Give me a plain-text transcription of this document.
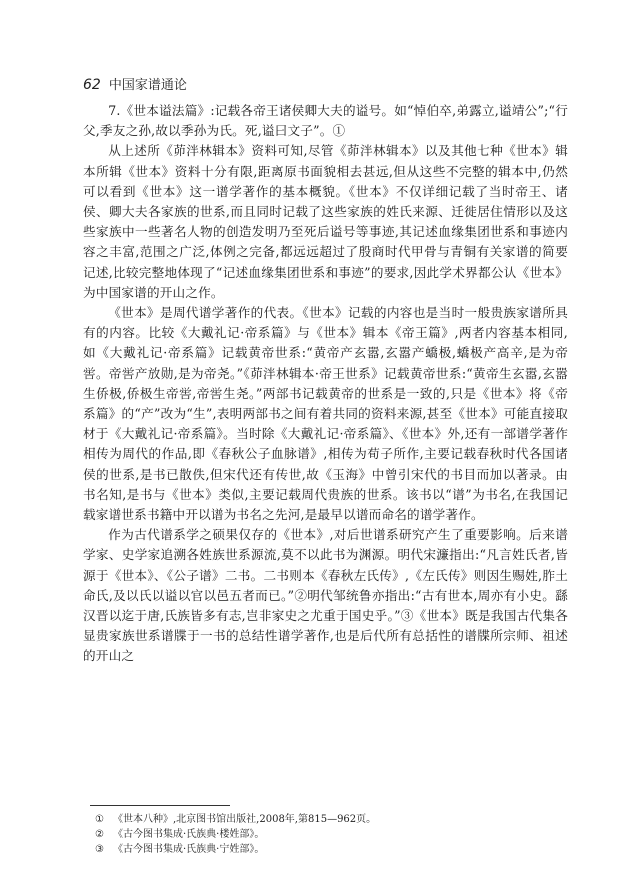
62 中国家谱通论

7.《世本谥法篇》:记载各帝王诸侯卿大夫的谥号。如“悼伯卒,弟露立,谥靖公”;“行父,季友之孙,故以季孙为氏。死,谥曰文子”。①

从上述所《茆泮林辑本》资料可知,尽管《茆泮林辑本》以及其他七种《世本》辑本所辑《世本》资料十分有限,距离原书面貌相去甚远,但从这些不完整的辑本中,仍然可以看到《世本》这一谱学著作的基本概貌。《世本》不仅详细记载了当时帝王、诸侯、卿大夫各家族的世系,而且同时记载了这些家族的姓氏来源、迁徙居住情形以及这些家族中一些著名人物的创造发明乃至死后谥号等事迹,其记述血缘集团世系和事迹内容之丰富,范围之广泛,体例之完备,都远远超过了殷商时代甲骨与青铜有关家谱的简要记述,比较完整地体现了“记述血缘集团世系和事迹”的要求,因此学术界都公认《世本》为中国家谱的开山之作。

《世本》是周代谱学著作的代表。《世本》记载的内容也是当时一般贵族家谱所具有的内容。比较《大戴礼记·帝系篇》与《世本》辑本《帝王篇》,两者内容基本相同,如《大戴礼记·帝系篇》记载黄帝世系:“黄帝产玄嚣,玄嚣产蟜极,蟜极产高辛,是为帝喾。帝喾产放勋,是为帝尧。”《茆泮林辑本·帝王世系》记载黄帝世系:“黄帝生玄嚣,玄嚣生侨极,侨极生帝喾,帝喾生尧。”两部书记载黄帝的世系是一致的,只是《世本》将《帝系篇》的“产”改为“生”,表明两部书之间有着共同的资料来源,甚至《世本》可能直接取材于《大戴礼记·帝系篇》。当时除《大戴礼记·帝系篇》、《世本》外,还有一部谱学著作相传为周代的作品,即《春秋公子血脉谱》,相传为荀子所作,主要记载春秋时代各国诸侯的世系,是书已散佚,但宋代还有传世,故《玉海》中曾引宋代的书目而加以著录。由书名知,是书与《世本》类似,主要记载周代贵族的世系。该书以“谱”为书名,在我国记载家谱世系书籍中开以谱为书名之先河,是最早以谱而命名的谱学著作。

作为古代谱系学之硕果仅存的《世本》,对后世谱系研究产生了重要影响。后来谱学家、史学家追溯各姓族世系源流,莫不以此书为渊源。明代宋濂指出:“凡言姓氏者,皆源于《世本》、《公子谱》二书。二书则本《春秋左氏传》,《左氏传》则因生赐姓,胙土命氏,及以氏以谥以官以邑五者而已。”②明代邹统鲁亦指出:“古有世本,周亦有小史。繇汉晋以迄于唐,氏族皆多有志,岂非家史之尤重于国史乎。”③《世本》既是我国古代集各显贵家族世系谱牒于一书的总结性谱学著作,也是后代所有总括性的谱牒所宗师、祖述的开山之

① 《世本八种》,北京图书馆出版社,2008年,第815—962页。
② 《古今图书集成·氏族典·楼姓部》。
③ 《古今图书集成·氏族典·宁姓部》。
